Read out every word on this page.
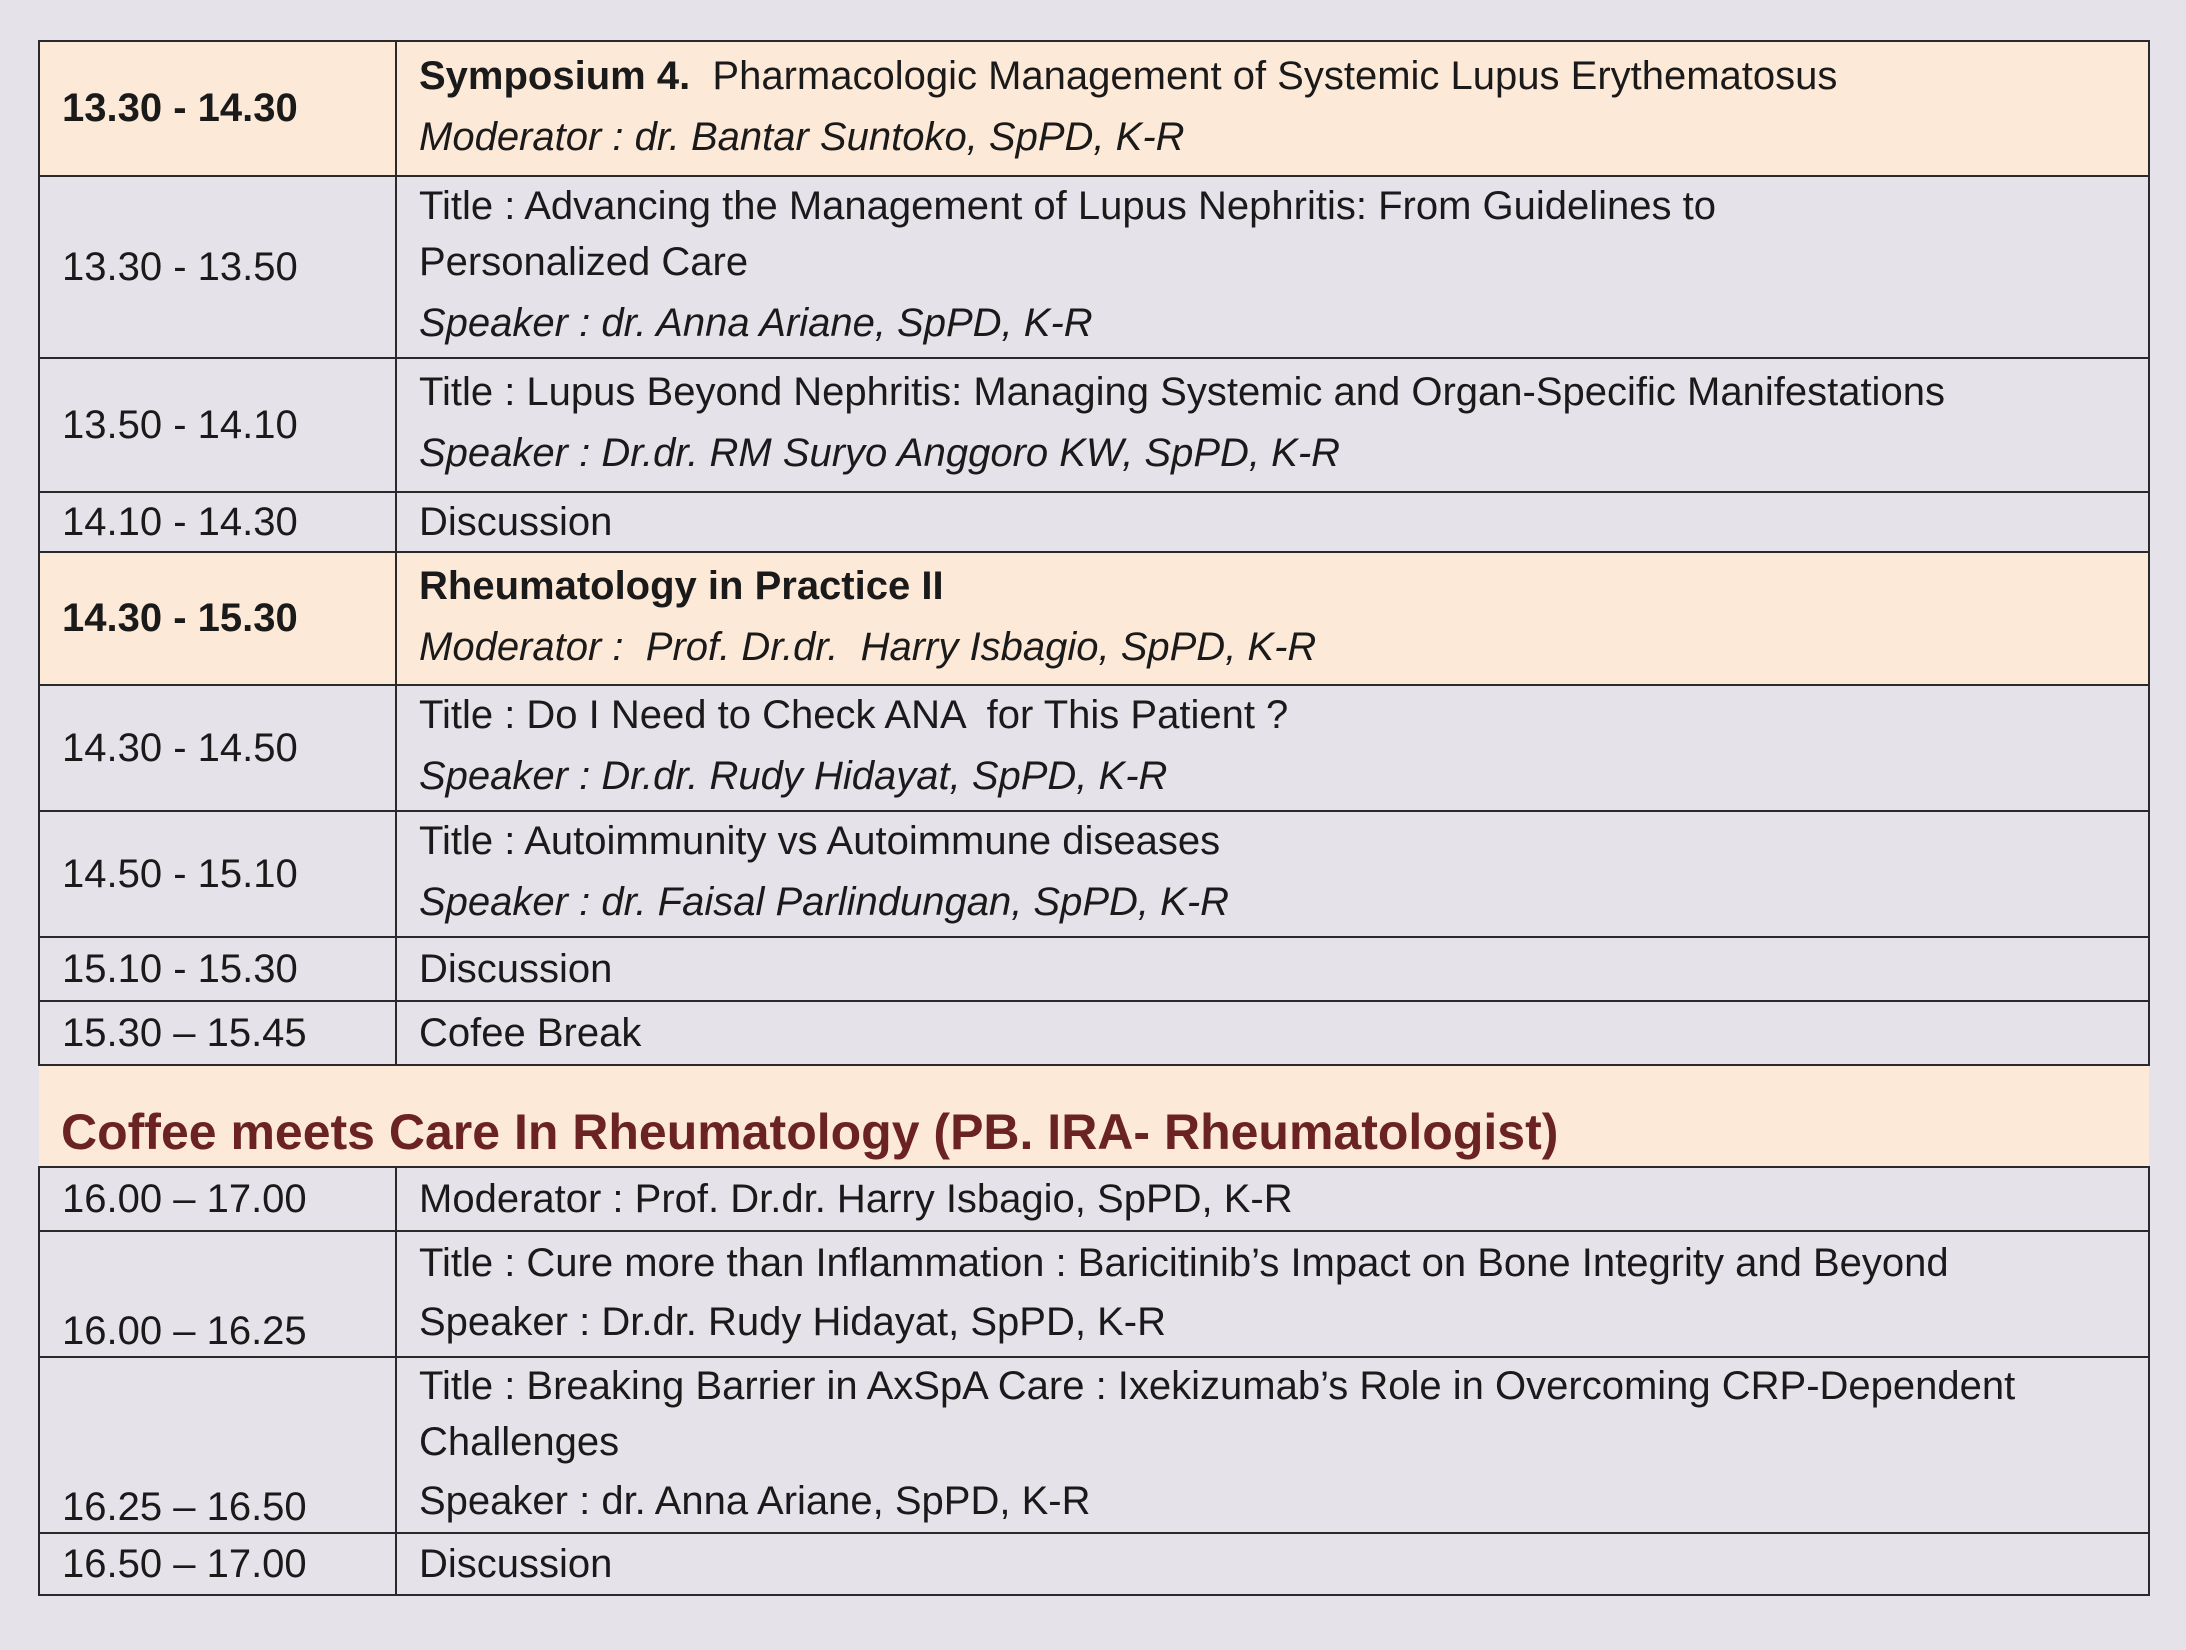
13.30 - 14.30	Symposium 4.  Pharmacologic Management of Systemic Lupus Erythematosus
Moderator : dr. Bantar Suntoko, SpPD, K-R

13.30 - 13.50	Title : Advancing the Management of Lupus Nephritis: From Guidelines to
Personalized Care
Speaker : dr. Anna Ariane, SpPD, K-R

13.50 - 14.10	Title : Lupus Beyond Nephritis: Managing Systemic and Organ-Specific Manifestations
Speaker : Dr.dr. RM Suryo Anggoro KW, SpPD, K-R

14.10 - 14.30	Discussion
14.30 - 15.30	Rheumatology in Practice II
Moderator :  Prof. Dr.dr.  Harry Isbagio, SpPD, K-R

14.30 - 14.50	Title : Do I Need to Check ANA  for This Patient ?
Speaker : Dr.dr. Rudy Hidayat, SpPD, K-R

14.50 - 15.10	Title : Autoimmunity vs Autoimmune diseases
Speaker : dr. Faisal Parlindungan, SpPD, K-R

15.10 - 15.30	Discussion
15.30 – 15.45	Cofee Break
Coffee meets Care In Rheumatology (PB. IRA- Rheumatologist)	
16.00 – 17.00	Moderator : Prof. Dr.dr. Harry Isbagio, SpPD, K-R
16.00 – 16.25	Title : Cure more than Inflammation : Baricitinib’s Impact on Bone Integrity and Beyond
Speaker : Dr.dr. Rudy Hidayat, SpPD, K-R

16.25 – 16.50	Title : Breaking Barrier in AxSpA Care : Ixekizumab’s Role in Overcoming CRP-Dependent
Challenges
Speaker : dr. Anna Ariane, SpPD, K-R

16.50 – 17.00	Discussion
